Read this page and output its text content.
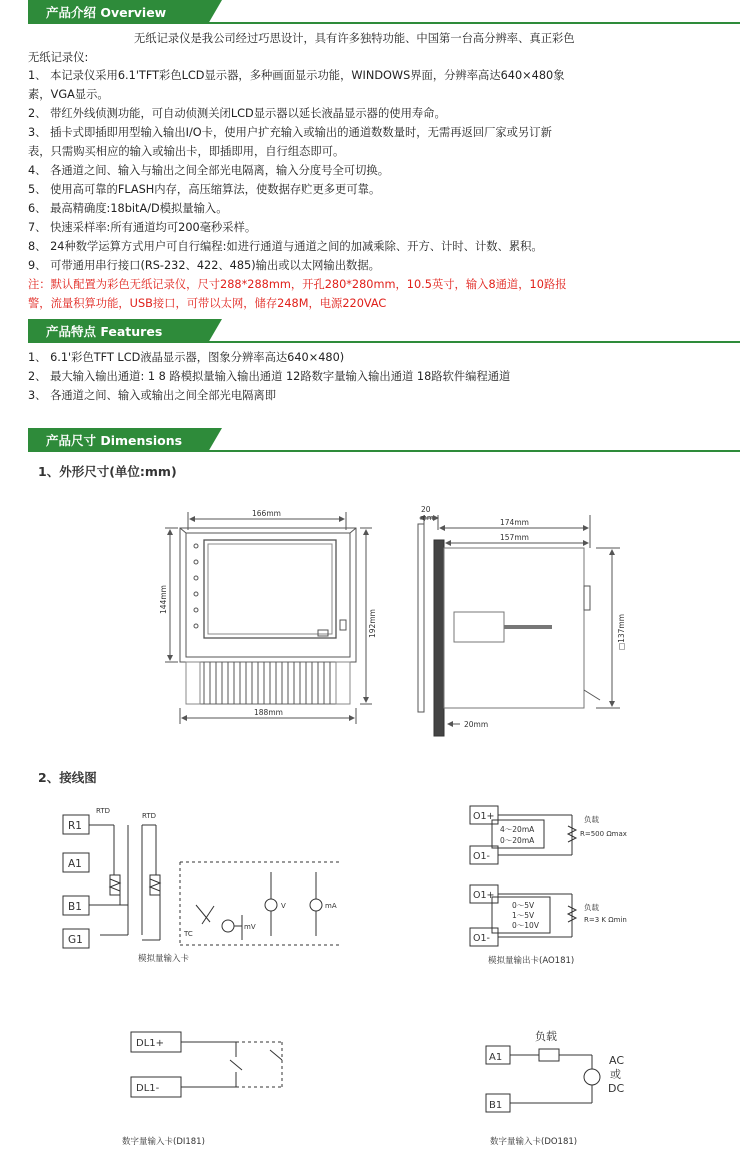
产品介绍 Overview
无纸记录仪是我公司经过巧思设计，具有许多独特功能、中国第一台高分辨率、真正彩色
无纸记录仪:
1、 本记录仪采用6.1'TFT彩色LCD显示器，多种画面显示功能，WINDOWS界面，分辨率高达640×480象
素，VGA显示。
2、 带红外线侦测功能，可自动侦测关闭LCD显示器以延长液晶显示器的使用寿命。
3、 插卡式即插即用型输入输出I/O卡，使用户扩充输入或输出的通道数数量时，无需再返回厂家或另订新
表，只需购买相应的输入或输出卡，即插即用，自行组态即可。
4、 各通道之间、输入与输出之间全部光电隔离，输入分度号全可切换。
5、 使用高可靠的FLASH内存，高压缩算法，使数据存贮更多更可靠。
6、 最高精确度:18bitA/D模拟量输入。
7、 快速采样率:所有通道均可200毫秒采样。
8、 24种数学运算方式用户可自行编程:如进行通道与通道之间的加减乘除、开方、计时、计数、累积。
9、 可带通用串行接口(RS-232、422、485)输出或以太网输出数据。
注：默认配置为彩色无纸记录仪，尺寸288*288mm，开孔280*280mm，10.5英寸，输入8通道，10路报
警，流量积算功能，USB接口，可带以太网，储存248M，电源220VAC
产品特点 Features
1、 6.1'彩色TFT LCD液晶显示器，图象分辨率高达640×480)
2、 最大输入输出通道: 1 8 路模拟量输入输出通道 12路数字量输入输出通道 18路软件编程通道
3、 各通道之间、输入或输出之间全部光电隔离即
产品尺寸 Dimensions
1、外形尺寸(单位:mm)
2、接线图
166mm
144mm
192mm
188mm
20
mm	174mm
157mm
□137mm
20mm
R1
A1
B1
G1
RTD
RTD
TC
mV
V	mA
模拟量输入卡
O1+
O1-
4～20mA
0～20mA
负载
R=500 Ωmax
O1+
O1-
0～5V
1～5V
0～10V
负载
R=3 K Ωmin
模拟量输出卡(AO181)
DL1+
DL1-
数字量输入卡(DI181)
A1
B1
负载
AC
或
DC
数字量输入卡(DO181)
